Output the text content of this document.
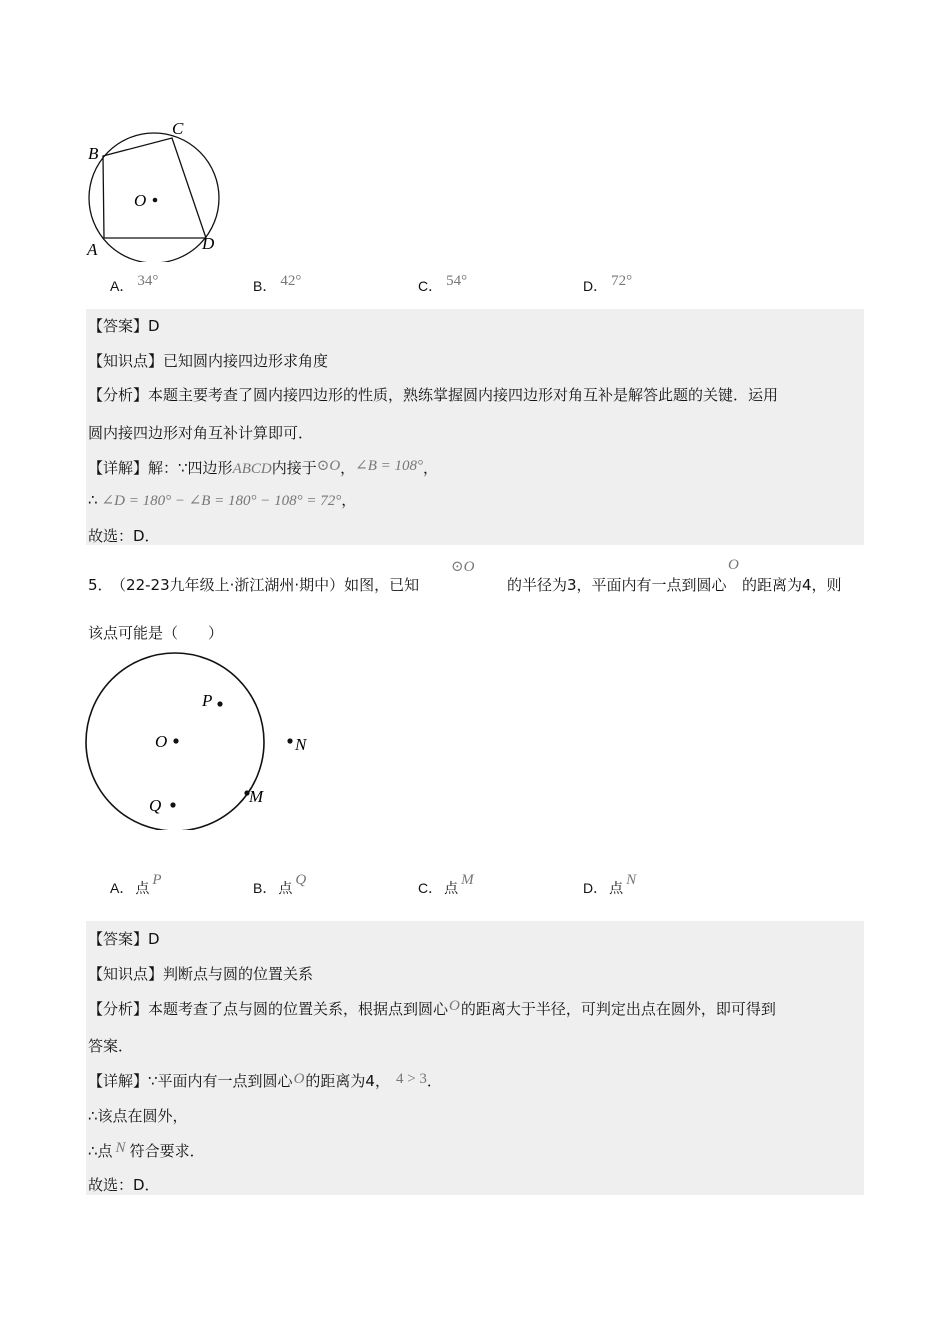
B
C
O
A	D
A． 34°	B． 42°	C． 54°	D． 72°
【答案】D
【知识点】已知圆内接四边形求角度
【分析】本题主要考查了圆内接四边形的性质，熟练掌握圆内接四边形对角互补是解答此题的关键．运用
圆内接四边形对角互补计算即可．
【详解】解：∵四边形ABCD内接于⊙O，∠B = 108°，
∴ ∠D = 180° − ∠B = 180° − 108° = 72°，
故选：D．
5． （22-23九年级上·浙江湖州·期中）如图，已知
⊙O
的半径为3，平面内有一点到圆心
O
的距离为4，则
该点可能是（　　）
P
O
Q	M
N
A． 点P	B． 点Q	C． 点M	D． 点N
【答案】D
【知识点】判断点与圆的位置关系
【分析】本题考查了点与圆的位置关系，根据点到圆心O的距离大于半径，可判定出点在圆外，即可得到
答案．
【详解】∵平面内有一点到圆心O的距离为4， 4 > 3．
∴该点在圆外，
∴点 N 符合要求．
故选：D．
